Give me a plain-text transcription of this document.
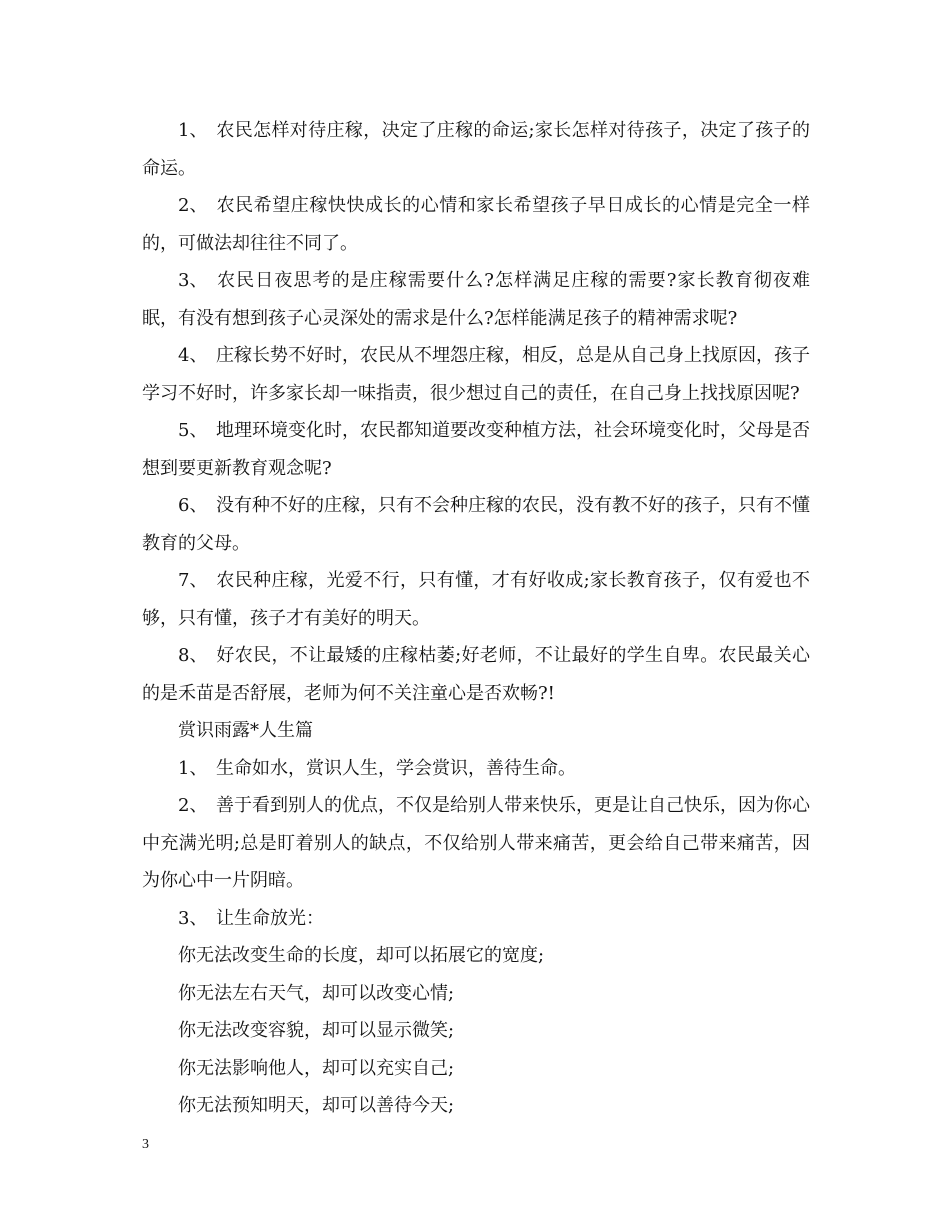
1、 农民怎样对待庄稼，决定了庄稼的命运;家长怎样对待孩子，决定了孩子的命运。

2、 农民希望庄稼快快成长的心情和家长希望孩子早日成长的心情是完全一样的，可做法却往往不同了。

3、 农民日夜思考的是庄稼需要什么?怎样满足庄稼的需要?家长教育彻夜难眠，有没有想到孩子心灵深处的需求是什么?怎样能满足孩子的精神需求呢?

4、 庄稼长势不好时，农民从不埋怨庄稼，相反，总是从自己身上找原因，孩子学习不好时，许多家长却一味指责，很少想过自己的责任，在自己身上找找原因呢?

5、 地理环境变化时，农民都知道要改变种植方法，社会环境变化时，父母是否想到要更新教育观念呢?

6、 没有种不好的庄稼，只有不会种庄稼的农民，没有教不好的孩子，只有不懂教育的父母。

7、 农民种庄稼，光爱不行，只有懂，才有好收成;家长教育孩子，仅有爱也不够，只有懂，孩子才有美好的明天。

8、 好农民，不让最矮的庄稼枯萎;好老师，不让最好的学生自卑。农民最关心的是禾苗是否舒展，老师为何不关注童心是否欢畅?!

赏识雨露*人生篇

1、 生命如水，赏识人生，学会赏识，善待生命。

2、 善于看到别人的优点，不仅是给别人带来快乐，更是让自己快乐，因为你心中充满光明;总是盯着别人的缺点，不仅给别人带来痛苦，更会给自己带来痛苦，因为你心中一片阴暗。

3、 让生命放光：

你无法改变生命的长度，却可以拓展它的宽度;

你无法左右天气，却可以改变心情;

你无法改变容貌，却可以显示微笑;

你无法影响他人，却可以充实自己;

你无法预知明天，却可以善待今天;

3
